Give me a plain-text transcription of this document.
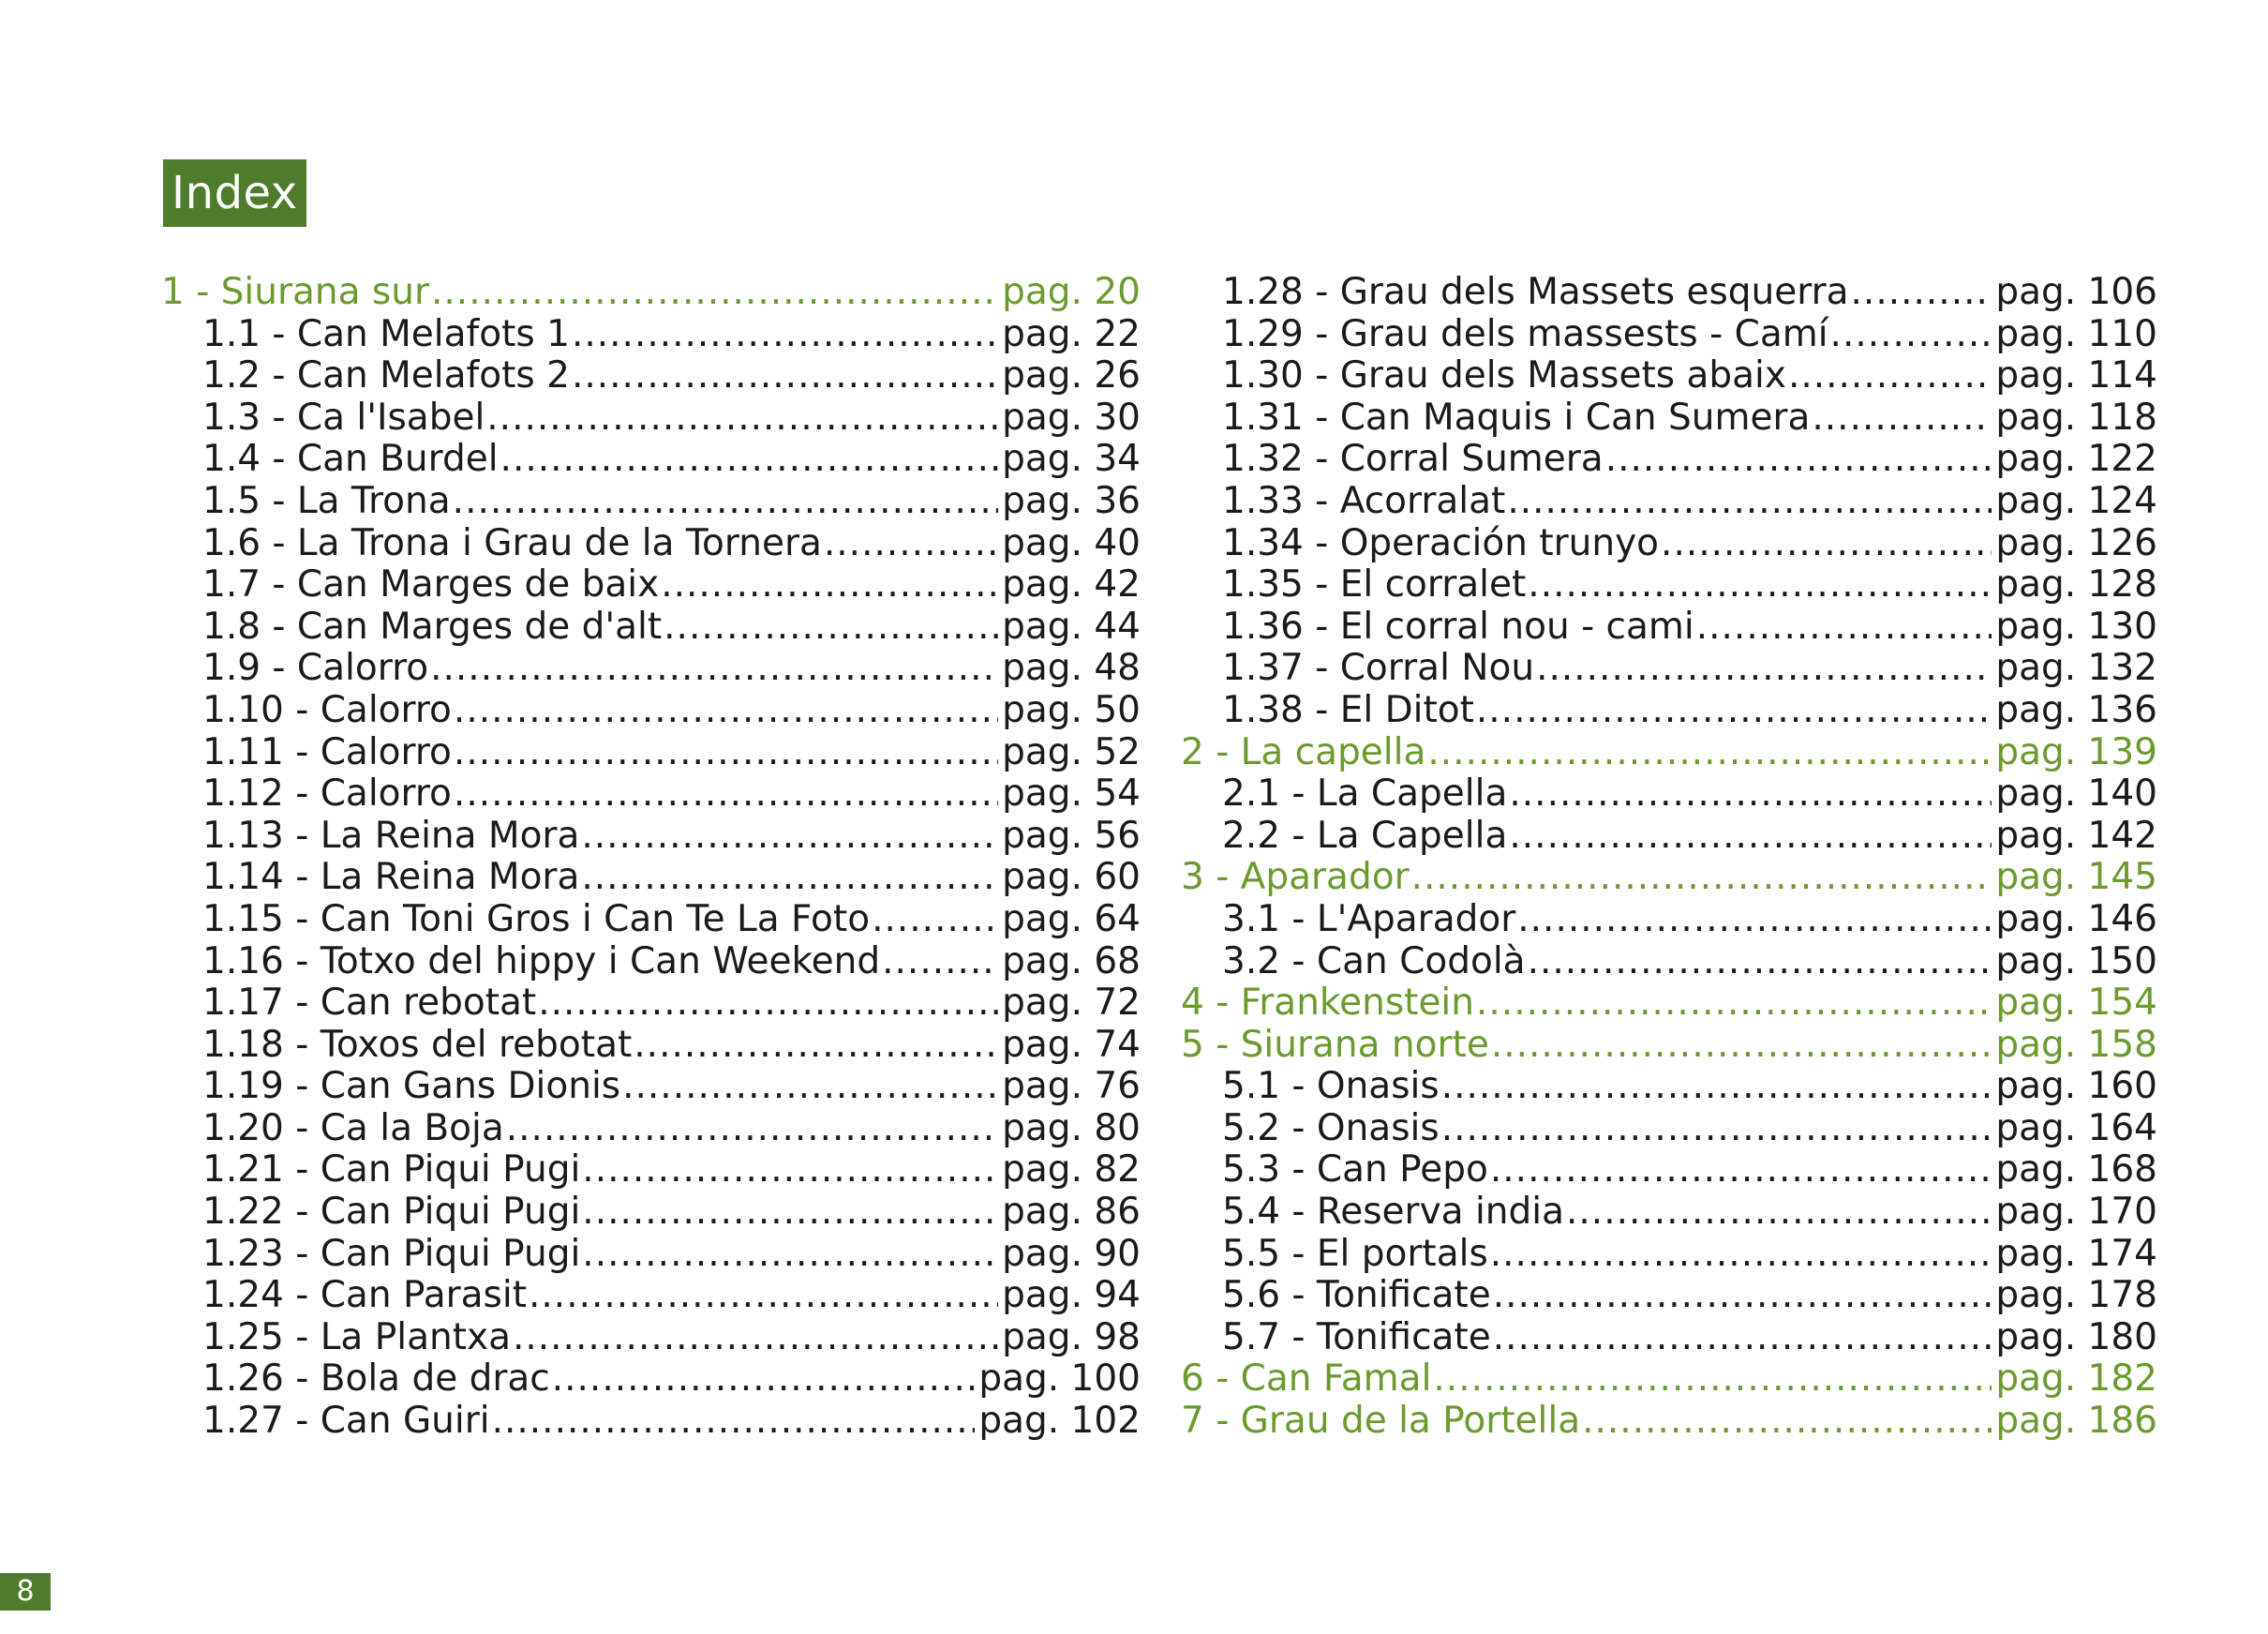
Index
1 - Siurana sur .....	pag. 20
1.1 - Can Melafots 1 .....	pag. 22
1.2 - Can Melafots 2 .....	pag. 26
1.3 - Ca l'Isabel .....	pag. 30
1.4 - Can Burdel .....	pag. 34
1.5 - La Trona .....	pag. 36
1.6 - La Trona i Grau de la Tornera .....	pag. 40
1.7 - Can Marges de baix .....	pag. 42
1.8 - Can Marges de d'alt .....	pag. 44
1.9 - Calorro .....	pag. 48
1.10 - Calorro .....	pag. 50
1.11 - Calorro .....	pag. 52
1.12 - Calorro .....	pag. 54
1.13 - La Reina Mora .....	pag. 56
1.14 - La Reina Mora .....	pag. 60
1.15 - Can Toni Gros i Can Te La Foto .....	pag. 64
1.16 - Totxo del hippy i Can Weekend .....	pag. 68
1.17 - Can rebotat .....	pag. 72
1.18 - Toxos del rebotat .....	pag. 74
1.19 - Can Gans Dionis .....	pag. 76
1.20 - Ca la Boja .....	pag. 80
1.21 - Can Piqui Pugi .....	pag. 82
1.22 - Can Piqui Pugi .....	pag. 86
1.23 - Can Piqui Pugi .....	pag. 90
1.24 - Can Parasit .....	pag. 94
1.25 - La Plantxa .....	pag. 98
1.26 - Bola de drac .....	pag. 100
1.27 - Can Guiri .....	pag. 102
1.28 - Grau dels Massets esquerra .....	pag. 106
1.29 - Grau dels massests - Camí .....	pag. 110
1.30 - Grau dels Massets abaix .....	pag. 114
1.31 - Can Maquis i Can Sumera .....	pag. 118
1.32 - Corral Sumera .....	pag. 122
1.33 - Acorralat .....	pag. 124
1.34 - Operación trunyo .....	pag. 126
1.35 - El corralet .....	pag. 128
1.36 - El corral nou - cami .....	pag. 130
1.37 - Corral Nou .....	pag. 132
1.38 - El Ditot .....	pag. 136
2 - La capella .....	pag. 139
2.1 - La Capella .....	pag. 140
2.2 - La Capella .....	pag. 142
3 - Aparador .....	pag. 145
3.1 - L'Aparador .....	pag. 146
3.2 - Can Codolà .....	pag. 150
4 - Frankenstein .....	pag. 154
5 - Siurana norte .....	pag. 158
5.1 - Onasis .....	pag. 160
5.2 - Onasis .....	pag. 164
5.3 - Can Pepo .....	pag. 168
5.4 - Reserva india .....	pag. 170
5.5 - El portals .....	pag. 174
5.6 - Tonificate .....	pag. 178
5.7 - Tonificate .....	pag. 180
6 - Can Famal .....	pag. 182
7 - Grau de la Portella .....	pag. 186
8
